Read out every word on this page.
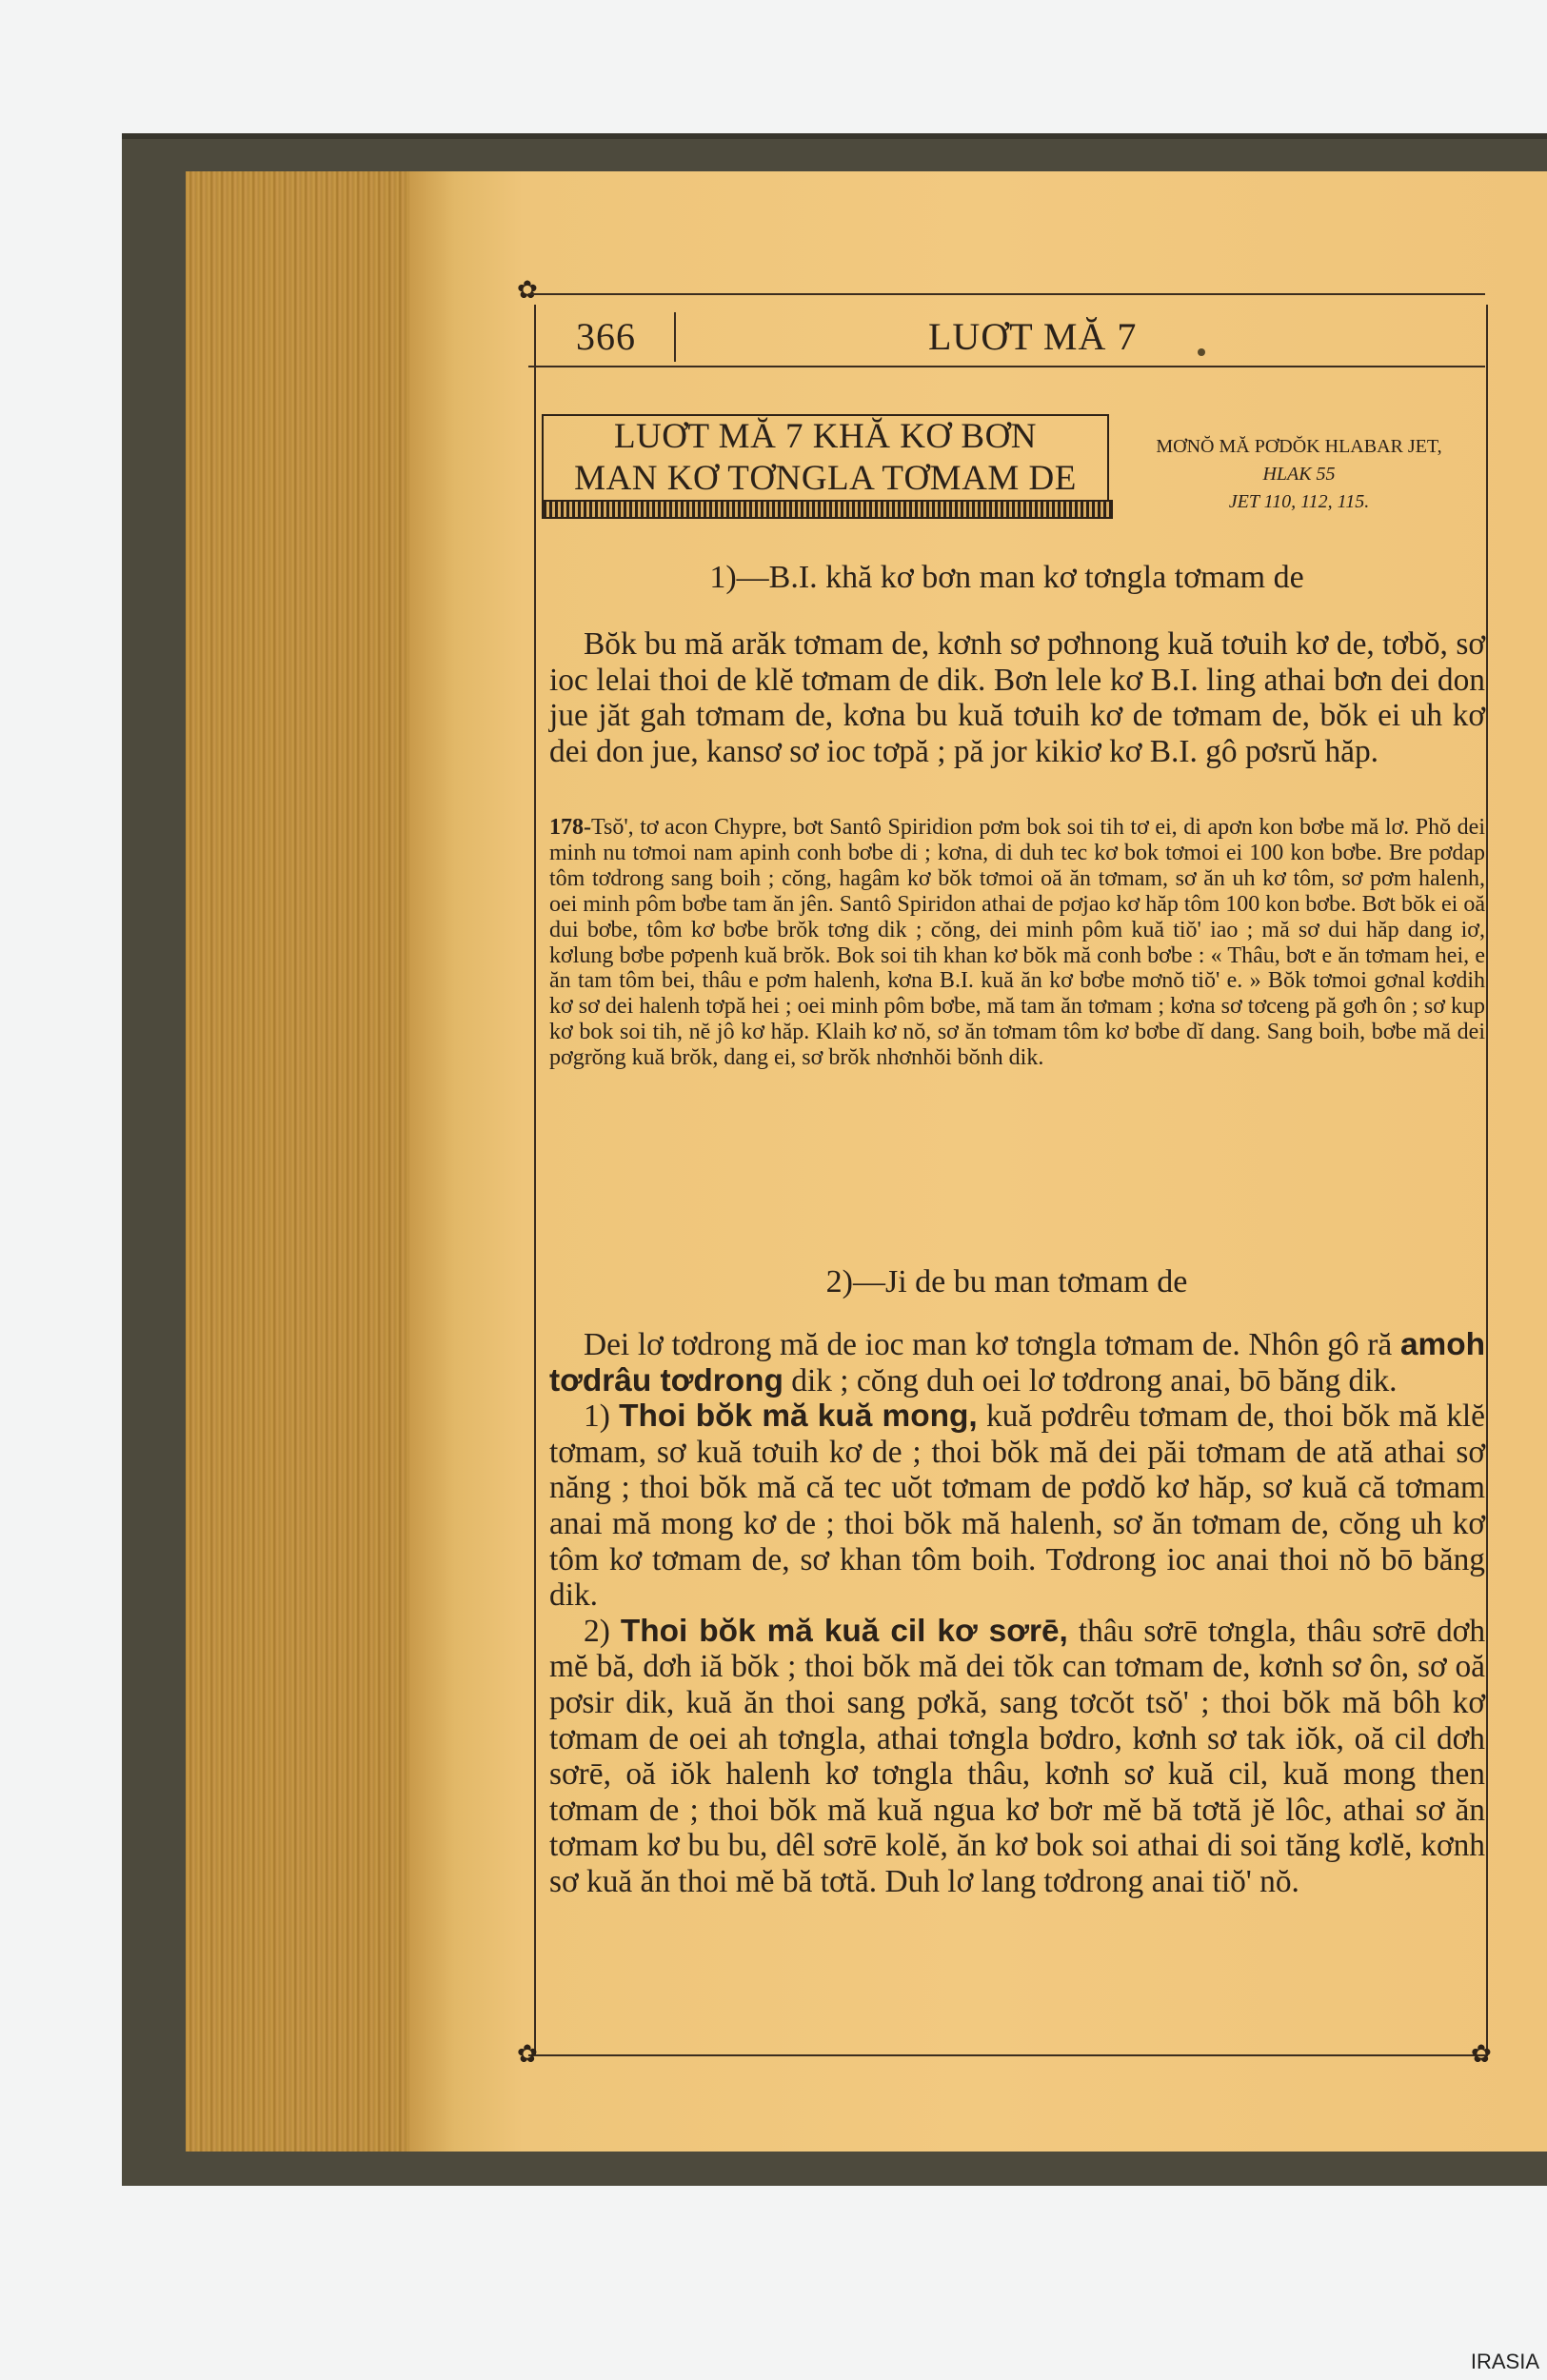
✿
366	LUƠT MĂ 7
LUƠT MĂ 7 KHĂ KƠ BƠN
MAN KƠ TƠNGLA TƠMAM DE
MƠNŎ MĂ PƠDŎK HLABAR JET,
HLAK 55
JET 110, 112, 115.
1)—B.I. khă kơ bơn man kơ tơngla tơmam de
Bŏk bu mă arăk tơmam de, kơnh sơ pơhnong kuă tơuih kơ de, tơbŏ, sơ ioc lelai thoi de klĕ tơmam de dik. Bơn lele kơ B.I. ling athai bơn dei don jue jăt gah tơmam de, kơna bu kuă tơuih kơ de tơmam de, bŏk ei uh kơ dei don jue, kansơ sơ ioc tơpă ; pă jor kikiơ kơ B.I. gô pơsrŭ hăp.
178-Tsŏ', tơ acon Chypre, bơt Santô Spiridion pơm bok soi tih tơ ei, di apơn kon bơbe mă lơ. Phŏ dei minh nu tơmoi nam apinh conh bơbe di ; kơna, di duh tec kơ bok tơmoi ei 100 kon bơbe. Bre pơdap tôm tơdrong sang boih ; cŏng, hagâm kơ bŏk tơmoi oă ăn tơmam, sơ ăn uh kơ tôm, sơ pơm halenh, oei minh pôm bơbe tam ăn jên. Santô Spiridon athai de pơjao kơ hăp tôm 100 kon bơbe. Bơt bŏk ei oă dui bơbe, tôm kơ bơbe brŏk tơng dik ; cŏng, dei minh pôm kuă tiŏ' iao ; mă sơ dui hăp dang iơ, kơlung bơbe pơpenh kuă brŏk. Bok soi tih khan kơ bŏk mă conh bơbe : « Thâu, bơt e ăn tơmam hei, e ăn tam tôm bei, thâu e pơm halenh, kơna B.I. kuă ăn kơ bơbe mơnŏ tiŏ' e. » Bŏk tơmoi gơnal kơdih kơ sơ dei halenh tơpă hei ; oei minh pôm bơbe, mă tam ăn tơmam ; kơna sơ tơceng pă gơh ôn ; sơ kup kơ bok soi tih, nĕ jô kơ hăp. Klaih kơ nŏ, sơ ăn tơmam tôm kơ bơbe dĭ dang. Sang boih, bơbe mă dei pơgrŏng kuă brŏk, dang ei, sơ brŏk nhơnhŏi bŏnh dik.
2)—Ji de bu man tơmam de
Dei lơ tơdrong mă de ioc man kơ tơngla tơmam de. Nhôn gô ră amoh tơdrâu tơdrong dik ; cŏng duh oei lơ tơdrong anai, bō băng dik.
1) Thoi bŏk mă kuă mong, kuă pơdrêu tơmam de, thoi bŏk mă klĕ tơmam, sơ kuă tơuih kơ de ; thoi bŏk mă dei păi tơmam de ată athai sơ năng ; thoi bŏk mă că tec uŏt tơmam de pơdŏ kơ hăp, sơ kuă că tơmam anai mă mong kơ de ; thoi bŏk mă halenh, sơ ăn tơmam de, cŏng uh kơ tôm kơ tơmam de, sơ khan tôm boih. Tơdrong ioc anai thoi nŏ bō băng dik.
2) Thoi bŏk mă kuă cil kơ sơrē, thâu sơrē tơngla, thâu sơrē dơh mĕ bă, dơh iă bŏk ; thoi bŏk mă dei tŏk can tơmam de, kơnh sơ ôn, sơ oă pơsir dik, kuă ăn thoi sang pơkă, sang tơcŏt tsŏ' ; thoi bŏk mă bôh kơ tơmam de oei ah tơngla, athai tơngla bơdro, kơnh sơ tak iŏk, oă cil dơh sơrē, oă iŏk halenh kơ tơngla thâu, kơnh sơ kuă cil, kuă mong then tơmam de ; thoi bŏk mă kuă ngua kơ bơr mĕ bă tơtă jĕ lôc, athai sơ ăn tơmam kơ bu bu, dêl sơrē kolĕ, ăn kơ bok soi athai di soi tăng kơlĕ, kơnh sơ kuă ăn thoi mĕ bă tơtă. Duh lơ lang tơdrong anai tiŏ' nŏ.
✿	✿
IRASIA
